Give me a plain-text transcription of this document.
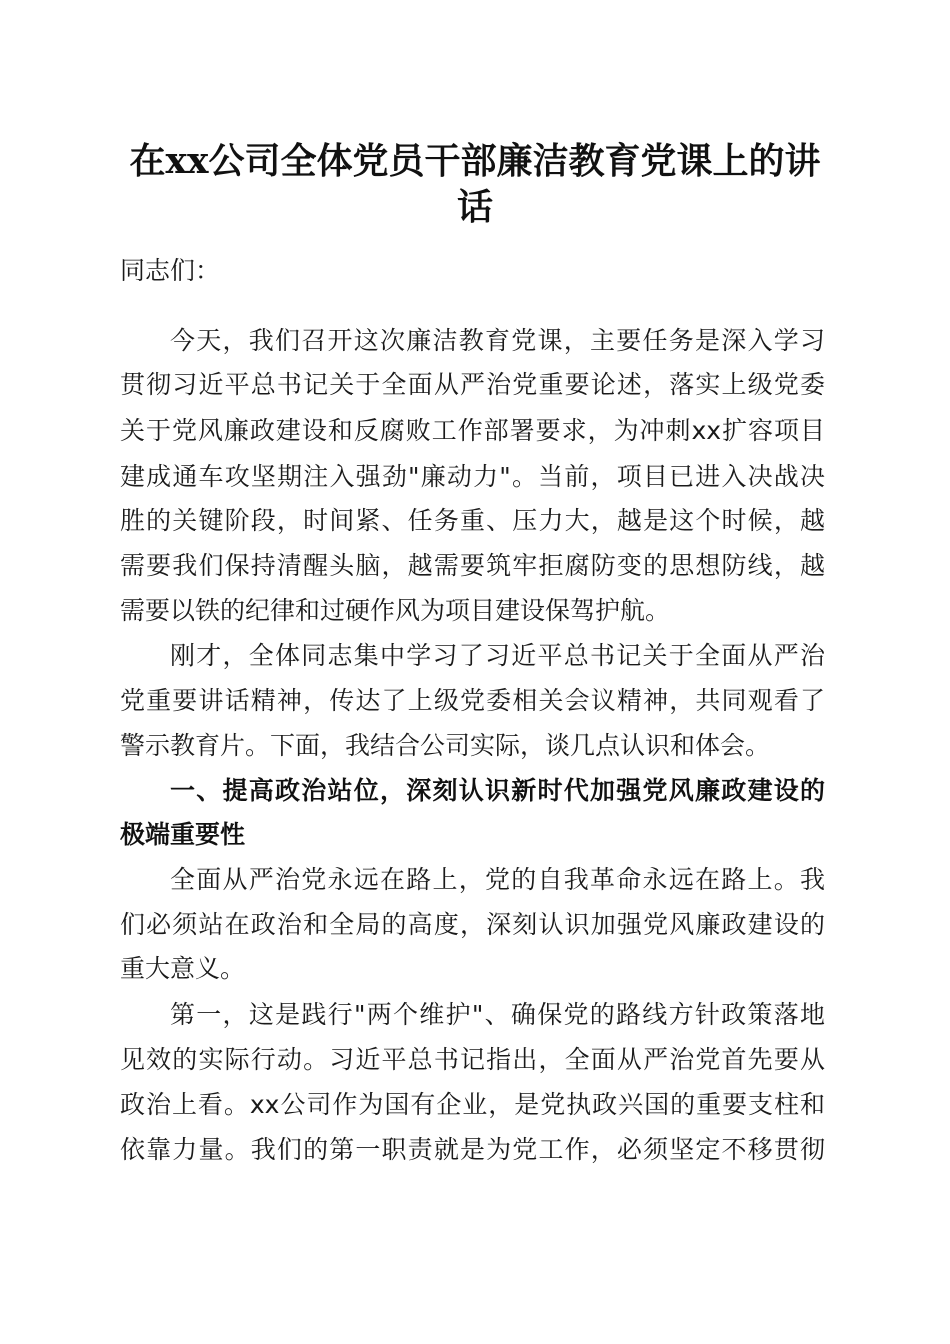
在xx公司全体党员干部廉洁教育党课上的讲
话
同志们：
今天，我们召开这次廉洁教育党课，主要任务是深入学习
贯彻习近平总书记关于全面从严治党重要论述，落实上级党委
关于党风廉政建设和反腐败工作部署要求，为冲刺xx扩容项目
建成通车攻坚期注入强劲"廉动力"。当前，项目已进入决战决
胜的关键阶段，时间紧、任务重、压力大，越是这个时候，越
需要我们保持清醒头脑，越需要筑牢拒腐防变的思想防线，越
需要以铁的纪律和过硬作风为项目建设保驾护航。
刚才，全体同志集中学习了习近平总书记关于全面从严治
党重要讲话精神，传达了上级党委相关会议精神，共同观看了
警示教育片。下面，我结合公司实际，谈几点认识和体会。
一、提高政治站位，深刻认识新时代加强党风廉政建设的
极端重要性
全面从严治党永远在路上，党的自我革命永远在路上。我
们必须站在政治和全局的高度，深刻认识加强党风廉政建设的
重大意义。
第一，这是践行"两个维护"、确保党的路线方针政策落地
见效的实际行动。习近平总书记指出，全面从严治党首先要从
政治上看。xx公司作为国有企业，是党执政兴国的重要支柱和
依靠力量。我们的第一职责就是为党工作，必须坚定不移贯彻
